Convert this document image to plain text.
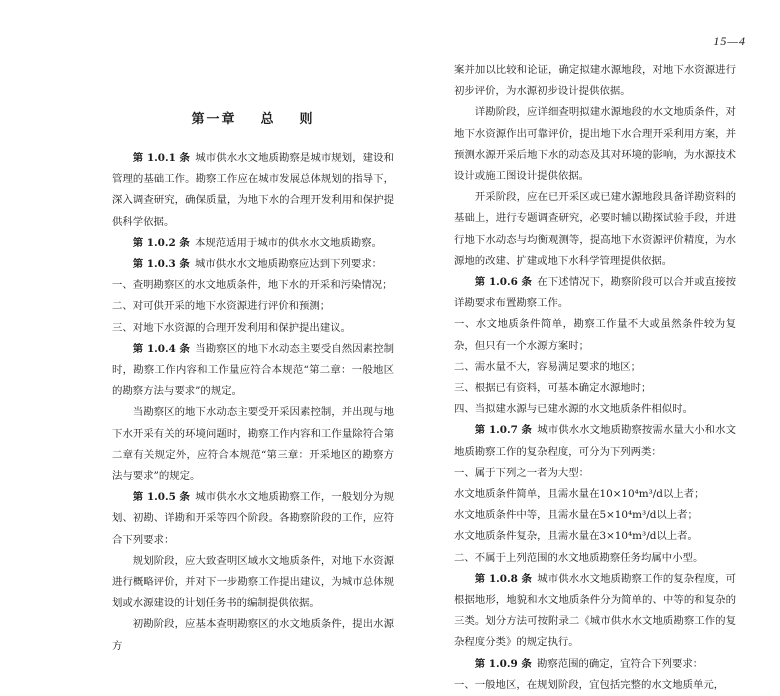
15—4
第一章 总 则

第 1.0.1 条  城市供水水文地质勘察是城市规划，建设和管理的基础工作。勘察工作应在城市发展总体规划的指导下，深入调查研究，确保质量，为地下水的合理开发利用和保护提供科学依据。

第 1.0.2 条  本规范适用于城市的供水水文地质勘察。

第 1.0.3 条  城市供水水文地质勘察应达到下列要求：

一、查明勘察区的水文地质条件，地下水的开采和污染情况；

二、对可供开采的地下水资源进行评价和预测；

三、对地下水资源的合理开发利用和保护提出建议。

第 1.0.4 条  当勘察区的地下水动态主要受自然因素控制时，勘察工作内容和工作量应符合本规范“第二章：一般地区的勘察方法与要求”的规定。

当勘察区的地下水动态主要受开采因素控制，并出现与地下水开采有关的环境问题时，勘察工作内容和工作量除符合第二章有关规定外，应符合本规范“第三章：开采地区的勘察方法与要求”的规定。

第 1.0.5 条  城市供水水文地质勘察工作，一般划分为规划、初勘、详勘和开采等四个阶段。各勘察阶段的工作，应符合下列要求：

规划阶段，应大致查明区域水文地质条件，对地下水资源进行概略评价，并对下一步勘察工作提出建议，为城市总体规划或水源建设的计划任务书的编制提供依据。

初勘阶段，应基本查明勘察区的水文地质条件，提出水源方

案并加以比较和论证，确定拟建水源地段，对地下水资源进行初步评价，为水源初步设计提供依据。

详勘阶段，应详细查明拟建水源地段的水文地质条件，对地下水资源作出可靠评价，提出地下水合理开采利用方案，并预测水源开采后地下水的动态及其对环境的影响，为水源技术设计或施工图设计提供依据。

开采阶段，应在已开采区或已建水源地段具备详勘资料的基础上，进行专题调查研究，必要时辅以勘探试验手段，并进行地下水动态与均衡观测等，提高地下水资源评价精度，为水源地的改建、扩建或地下水科学管理提供依据。

第 1.0.6 条  在下述情况下，勘察阶段可以合并或直接按详勘要求布置勘察工作。

一、水文地质条件简单，勘察工作量不大或虽然条件较为复杂，但只有一个水源方案时；

二、需水量不大，容易满足要求的地区；

三、根据已有资料，可基本确定水源地时；

四、当拟建水源与已建水源的水文地质条件相似时。

第 1.0.7 条  城市供水水文地质勘察按需水量大小和水文地质勘察工作的复杂程度，可分为下列两类：

一、属于下列之一者为大型：

水文地质条件简单，且需水量在10×10⁴m³/d以上者；

水文地质条件中等，且需水量在5×10⁴m³/d以上者；

水文地质条件复杂，且需水量在3×10⁴m³/d以上者。

二、不属于上列范围的水文地质勘察任务均属中小型。

第 1.0.8 条  城市供水水文地质勘察工作的复杂程度，可根据地形，地貌和水文地质条件分为简单的、中等的和复杂的三类。划分方法可按附录二《城市供水水文地质勘察工作的复杂程度分类》的规定执行。

第 1.0.9 条  勘察范围的确定，宜符合下列要求：

一、一般地区，在规划阶段，宜包括完整的水文地质单元，
